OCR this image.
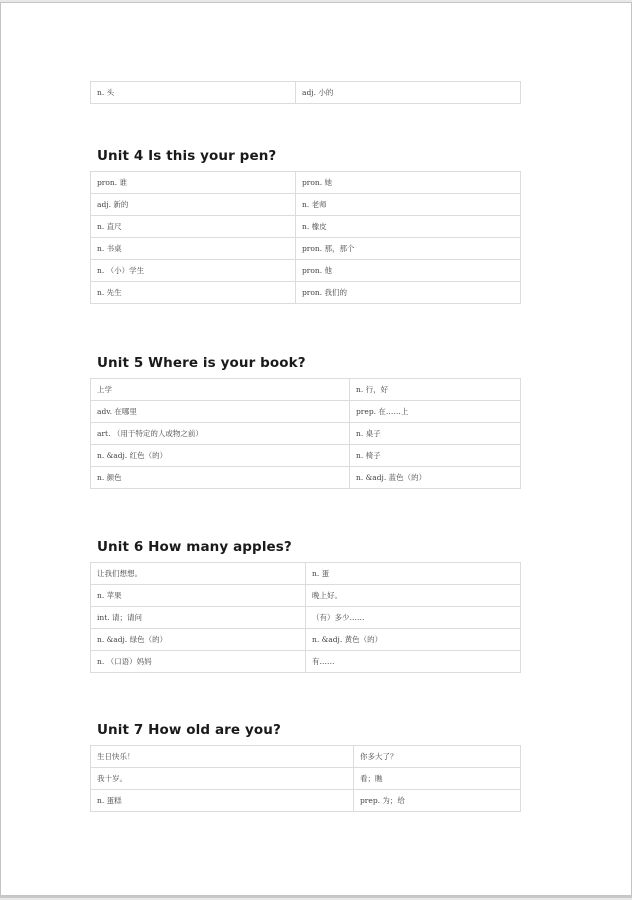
n. 头	adj. 小的
Unit 4 Is this your pen?
pron. 谁	pron. 她
adj. 新的	n. 老师
n. 直尺	n. 橡皮
n. 书桌	pron. 那，那个
n. （小）学生	pron. 他
n. 先生	pron. 我们的
Unit 5 Where is your book?
上学	n. 行，好
adv. 在哪里	prep. 在……上
art. （用于特定的人或物之前）	n. 桌子
n. &adj. 红色（的）	n. 椅子
n. 颜色	n. &adj. 蓝色（的）
Unit 6 How many apples?
让我们想想。	n. 蛋
n. 苹果	晚上好。
int. 请；请问	（有）多少……
n. &adj. 绿色（的）	n. &adj. 黄色（的）
n. （口语）妈妈	有……
Unit 7 How old are you?
生日快乐！	你多大了？
我十岁。	看；瞧
n. 蛋糕	prep. 为；给
